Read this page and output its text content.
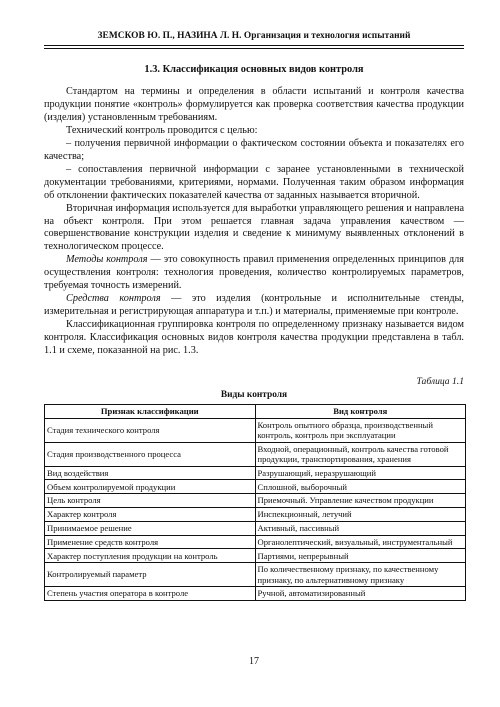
ЗЕМСКОВ Ю. П., НАЗИНА Л. Н. Организация и технология испытаний
1.3. Классификация основных видов контроля

Стандартом на термины и определения в области испытаний и контроля качества продукции понятие «контроль» формулируется как проверка соответствия качества продукции (изделия) установленным требованиям.

Технический контроль проводится с целью:

– получения первичной информации о фактическом состоянии объекта и показателях его качества;

– сопоставления первичной информации с заранее установленными в технической документации требованиями, критериями, нормами. Полученная таким образом информация об отклонении фактических показателей качества от заданных называется вторичной.

Вторичная информация используется для выработки управляющего решения и направлена на объект контроля. При этом решается главная задача управления качеством — совершенствование конструкции изделия и сведение к минимуму выявленных отклонений в технологическом процессе.

Методы контроля — это совокупность правил применения определенных принципов для осуществления контроля: технология проведения, количество контролируемых параметров, требуемая точность измерений.

Средства контроля — это изделия (контрольные и исполнительные стенды, измерительная и регистрирующая аппаратура и т.п.) и материалы, применяемые при контроле.

Классификационная группировка контроля по определенному признаку называется видом контроля. Классификация основных видов контроля качества продукции представлена в табл. 1.1 и схеме, показанной на рис. 1.3.

Таблица 1.1
Виды контроля
Признак классификации	Вид контроля
Стадия технического контроля	Контроль опытного образца, производственный контроль, контроль при эксплуатации
Стадия производственного процесса	Входной, операционный, контроль качества готовой продукции, транспортирования, хранения
Вид воздействия	Разрушающий, неразрушающий
Объем контролируемой продукции	Сплошной, выборочный
Цель контроля	Приемочный. Управление качеством продукции
Характер контроля	Инспекционный, летучий
Принимаемое решение	Активный, пассивный
Применение средств контроля	Органолептический, визуальный, инструментальный
Характер поступления продукции на контроль	Партиями, непрерывный
Контролируемый параметр	По количественному признаку, по качественному признаку, по альтернативному признаку
Степень участия оператора в контроле	Ручной, автоматизированный
17
